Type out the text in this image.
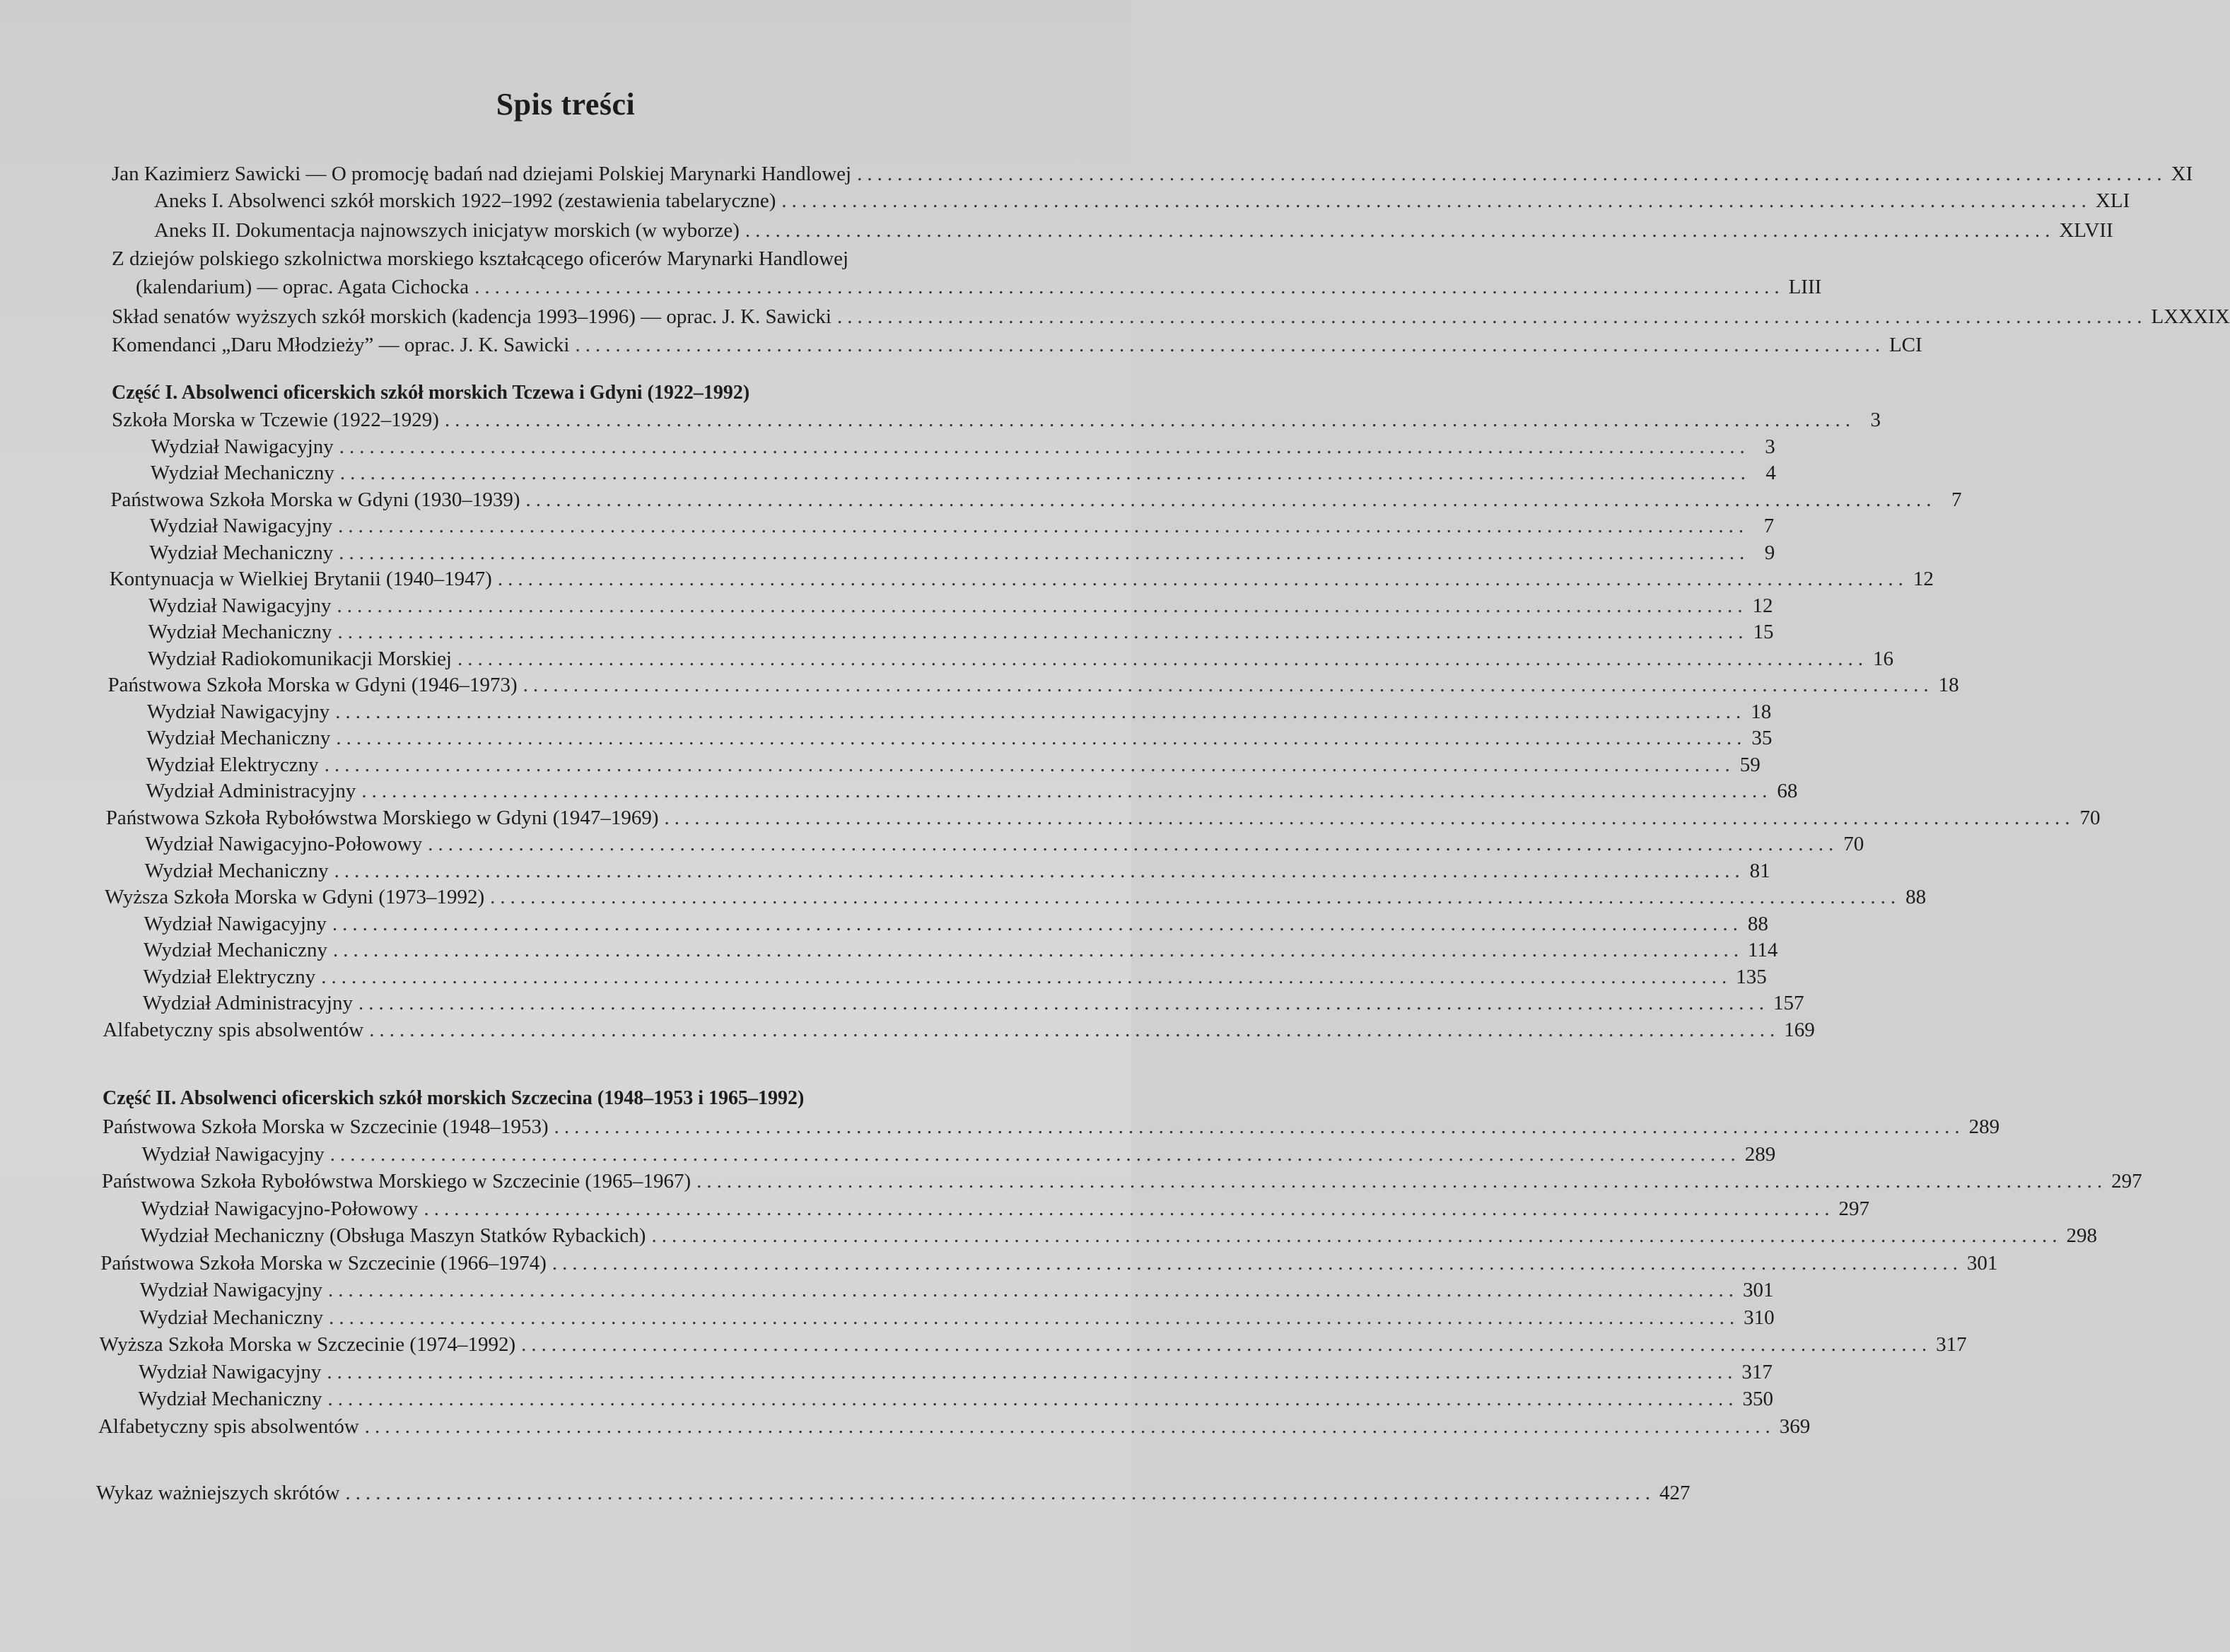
Spis treści
Jan Kazimierz Sawicki — O promocję badań nad dziejami Polskiej Marynarki Handlowej .................................................................................................................................. XI
Aneks I. Absolwenci szkół morskich 1922–1992 (zestawienia tabelaryczne) .................................................................................................................................. XLI
Aneks II. Dokumentacja najnowszych inicjatyw morskich (w wyborze) .................................................................................................................................. XLVII
Z dziejów polskiego szkolnictwa morskiego kształcącego oficerów Marynarki Handlowej
(kalendarium) — oprac. Agata Cichocka .................................................................................................................................. LIII
Skład senatów wyższych szkół morskich (kadencja 1993–1996) — oprac. J. K. Sawicki .................................................................................................................................. LXXXIX
Komendanci „Daru Młodzieży” — oprac. J. K. Sawicki .................................................................................................................................. LCI
Część I. Absolwenci oficerskich szkół morskich Tczewa i Gdyni (1922–1992)
Szkoła Morska w Tczewie (1922–1929) ............................................................................................................................................ 3
Wydział Nawigacyjny ............................................................................................................................................ 3
Wydział Mechaniczny ............................................................................................................................................ 4
Państwowa Szkoła Morska w Gdyni (1930–1939) ............................................................................................................................................ 7
Wydział Nawigacyjny ............................................................................................................................................ 7
Wydział Mechaniczny ............................................................................................................................................ 9
Kontynuacja w Wielkiej Brytanii (1940–1947) ............................................................................................................................................ 12
Wydział Nawigacyjny ............................................................................................................................................ 12
Wydział Mechaniczny ............................................................................................................................................ 15
Wydział Radiokomunikacji Morskiej ............................................................................................................................................ 16
Państwowa Szkoła Morska w Gdyni (1946–1973) ............................................................................................................................................ 18
Wydział Nawigacyjny ............................................................................................................................................ 18
Wydział Mechaniczny ............................................................................................................................................ 35
Wydział Elektryczny ............................................................................................................................................ 59
Wydział Administracyjny ............................................................................................................................................ 68
Państwowa Szkoła Rybołówstwa Morskiego w Gdyni (1947–1969) ............................................................................................................................................ 70
Wydział Nawigacyjno-Połowowy ............................................................................................................................................ 70
Wydział Mechaniczny ............................................................................................................................................ 81
Wyższa Szkoła Morska w Gdyni (1973–1992) ............................................................................................................................................ 88
Wydział Nawigacyjny ............................................................................................................................................ 88
Wydział Mechaniczny ............................................................................................................................................ 114
Wydział Elektryczny ............................................................................................................................................ 135
Wydział Administracyjny ............................................................................................................................................ 157
Alfabetyczny spis absolwentów ............................................................................................................................................ 169
Część II. Absolwenci oficerskich szkół morskich Szczecina (1948–1953 i 1965–1992)
Państwowa Szkoła Morska w Szczecinie (1948–1953) ............................................................................................................................................ 289
Wydział Nawigacyjny ............................................................................................................................................ 289
Państwowa Szkoła Rybołówstwa Morskiego w Szczecinie (1965–1967) ............................................................................................................................................ 297
Wydział Nawigacyjno-Połowowy ............................................................................................................................................ 297
Wydział Mechaniczny (Obsługa Maszyn Statków Rybackich) ............................................................................................................................................ 298
Państwowa Szkoła Morska w Szczecinie (1966–1974) ............................................................................................................................................ 301
Wydział Nawigacyjny ............................................................................................................................................ 301
Wydział Mechaniczny ............................................................................................................................................ 310
Wyższa Szkoła Morska w Szczecinie (1974–1992) ............................................................................................................................................ 317
Wydział Nawigacyjny ............................................................................................................................................ 317
Wydział Mechaniczny ............................................................................................................................................ 350
Alfabetyczny spis absolwentów ............................................................................................................................................ 369
Wykaz ważniejszych skrótów .................................................................................................................................. 427
